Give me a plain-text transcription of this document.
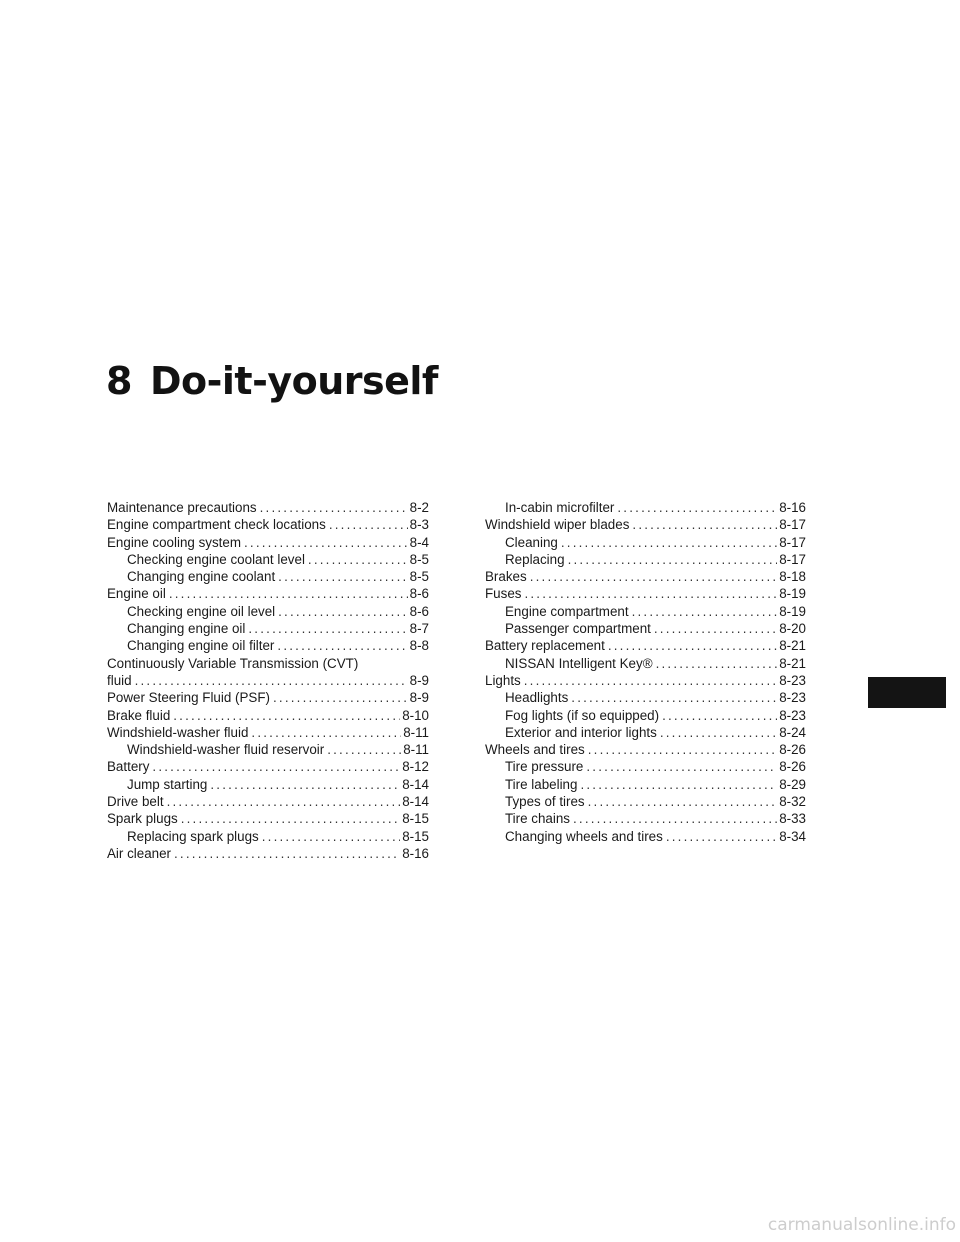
8 Do-it-yourself
Maintenance precautions .....	8-2
Engine compartment check locations .....	8-3
Engine cooling system .....	8-4
Checking engine coolant level .....	8-5
Changing engine coolant .....	8-5
Engine oil .....	8-6
Checking engine oil level .....	8-6
Changing engine oil .....	8-7
Changing engine oil filter .....	8-8
Continuously Variable Transmission (CVT)
fluid .....	8-9
Power Steering Fluid (PSF) .....	8-9
Brake fluid .....	8-10
Windshield-washer fluid .....	8-11
Windshield-washer fluid reservoir .....	8-11
Battery .....	8-12
Jump starting .....	8-14
Drive belt .....	8-14
Spark plugs .....	8-15
Replacing spark plugs .....	8-15
Air cleaner .....	8-16
In-cabin microfilter .....	8-16
Windshield wiper blades .....	8-17
Cleaning .....	8-17
Replacing .....	8-17
Brakes .....	8-18
Fuses .....	8-19
Engine compartment .....	8-19
Passenger compartment .....	8-20
Battery replacement .....	8-21
NISSAN Intelligent Key® .....	8-21
Lights .....	8-23
Headlights .....	8-23
Fog lights (if so equipped) .....	8-23
Exterior and interior lights .....	8-24
Wheels and tires .....	8-26
Tire pressure .....	8-26
Tire labeling .....	8-29
Types of tires .....	8-32
Tire chains .....	8-33
Changing wheels and tires .....	8-34
carmanualsonline.info
